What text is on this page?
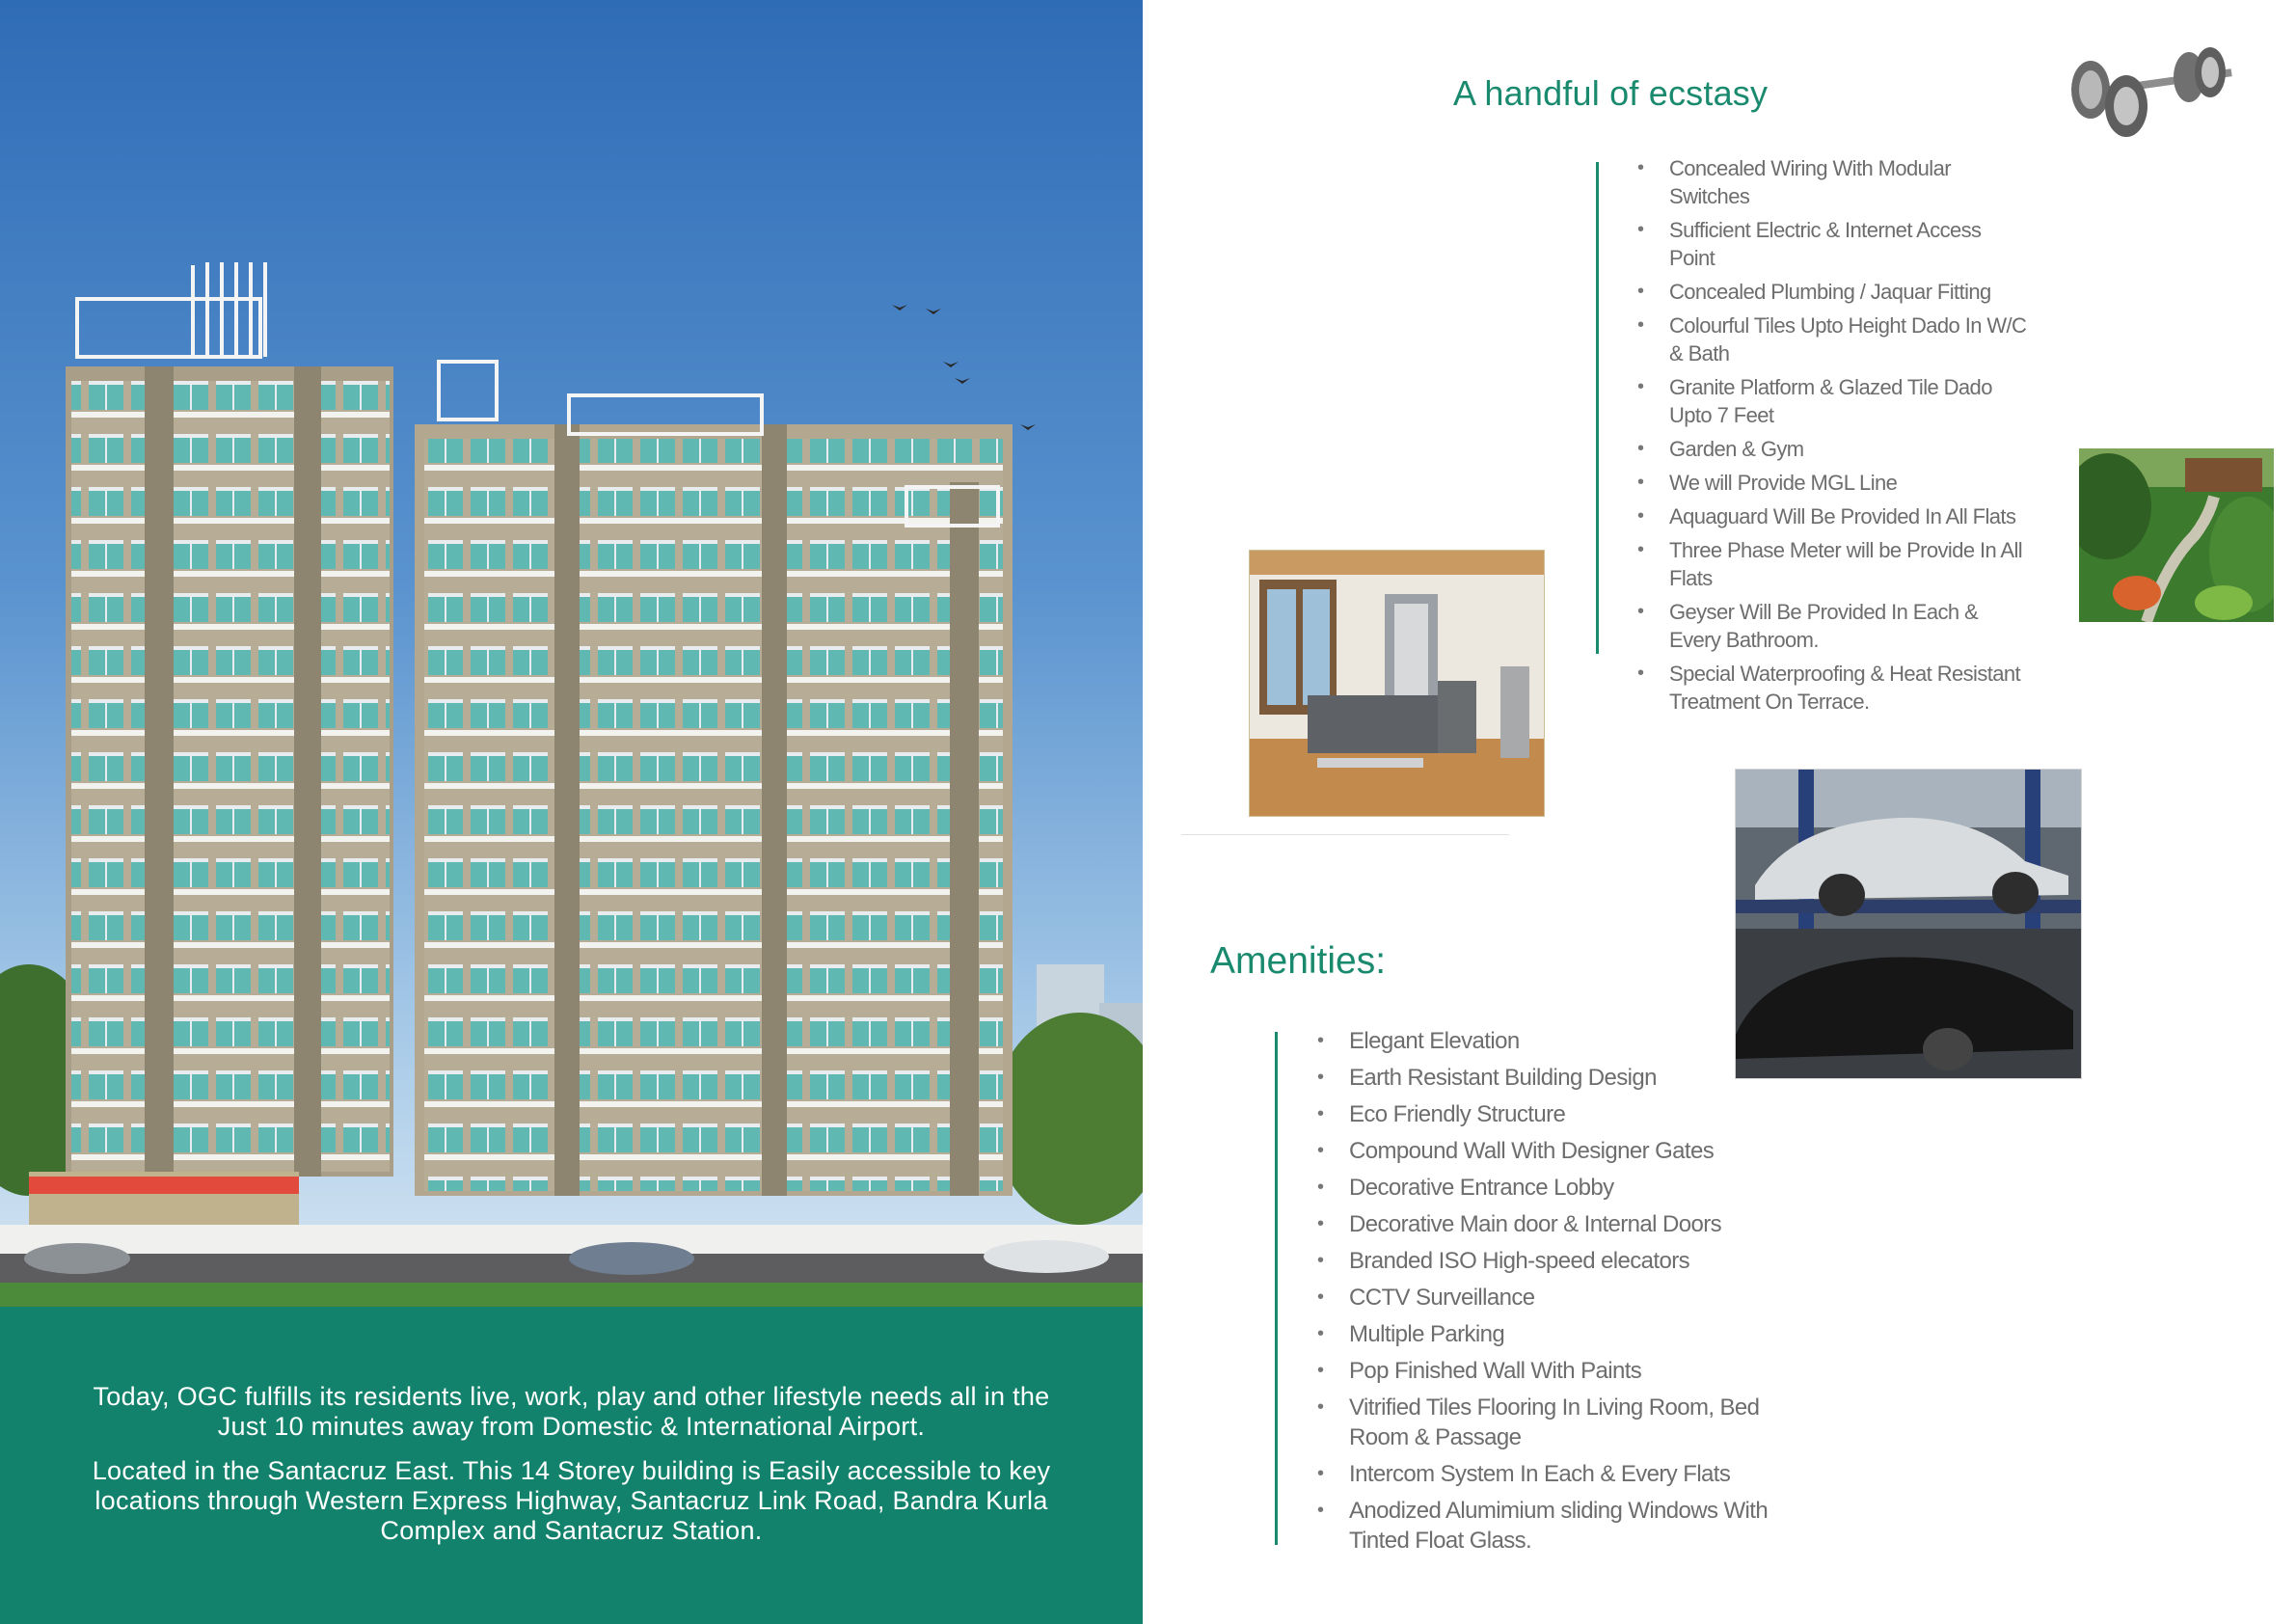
Today, OGC fulfills its residents live, work, play and other lifestyle needs all in the Just 10 minutes away from Domestic & International Airport.

Located in the Santacruz East. This 14 Storey building is Easily accessible to key locations through Western Express Highway, Santacruz Link Road, Bandra Kurla Complex and Santacruz Station.

A handful of ecstasy
• Concealed Wiring With Modular Switches
• Sufficient Electric & Internet Access Point
• Concealed Plumbing / Jaquar Fitting
• Colourful Tiles Upto Height Dado In W/C & Bath
• Granite Platform & Glazed Tile Dado Upto 7 Feet
• Garden & Gym
• We will Provide MGL Line
• Aquaguard Will Be Provided In All Flats
• Three Phase Meter will be Provide In All Flats
• Geyser Will Be Provided In Each & Every Bathroom.
• Special Waterproofing & Heat Resistant Treatment On Terrace.
Amenities:
• Elegant Elevation
• Earth Resistant Building Design
• Eco Friendly Structure
• Compound Wall With Designer Gates
• Decorative Entrance Lobby
• Decorative Main door & Internal Doors
• Branded ISO High-speed elecators
• CCTV Surveillance
• Multiple Parking
• Pop Finished Wall With Paints
• Vitrified Tiles Flooring In Living Room, Bed Room & Passage
• Intercom System In Each & Every Flats
• Anodized Alumimium sliding Windows With Tinted Float Glass.
